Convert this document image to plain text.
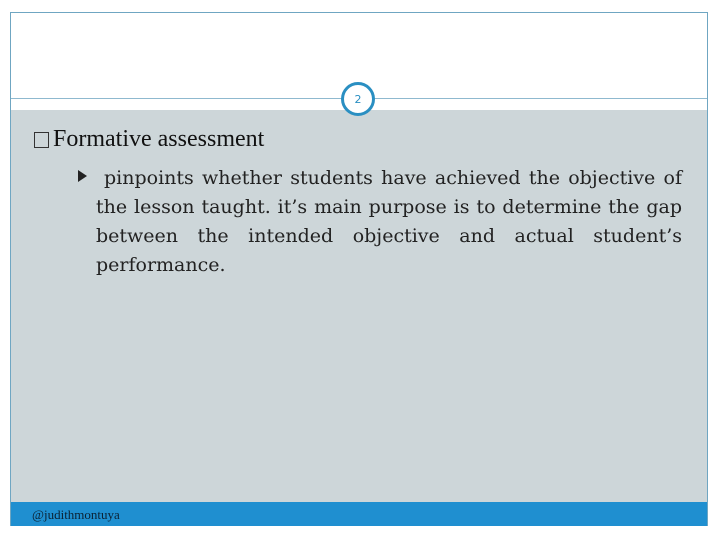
2
Formative assessment

pinpoints whether students have achieved the objective of the lesson taught. it’s main purpose is to determine the gap between the intended objective and actual student’s performance.

@judithmontuya
